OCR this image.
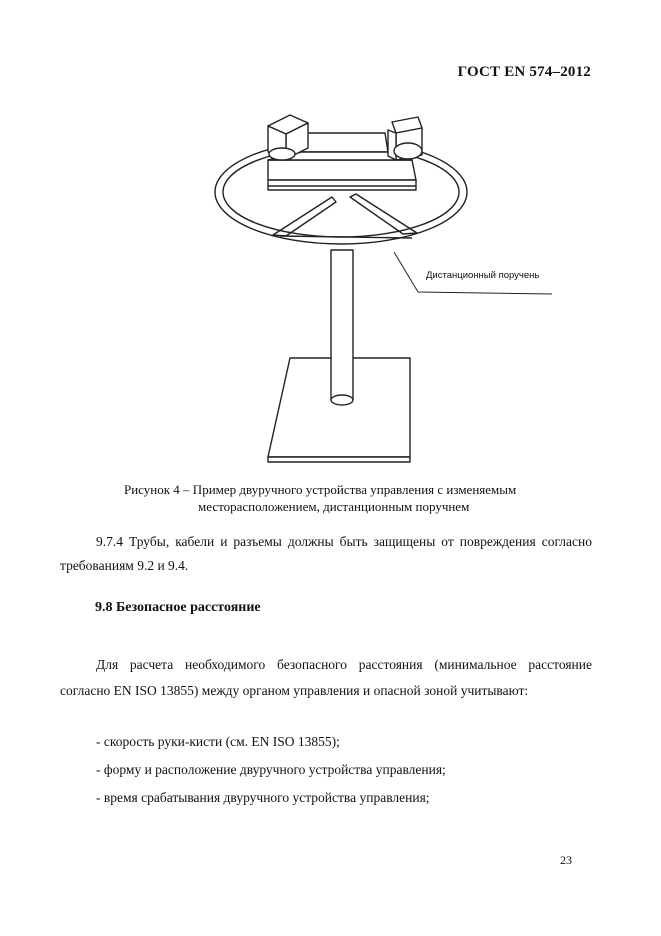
ГОСТ EN 574–2012
Дистанционный поручень
Рисунок 4 – Пример двуручного устройства управления с изменяемым
месторасположением, дистанционным поручнем
9.7.4 Трубы, кабели и разъемы должны быть защищены от повреждения согласно требованиям 9.2 и 9.4.
9.8 Безопасное расстояние
Для расчета необходимого безопасного расстояния (минимальное расстояние согласно EN ISO 13855) между органом управления и опасной зоной учитывают:
- скорость руки-кисти (см. EN ISO 13855);
- форму и расположение двуручного устройства управления;
- время срабатывания двуручного устройства управления;
23
